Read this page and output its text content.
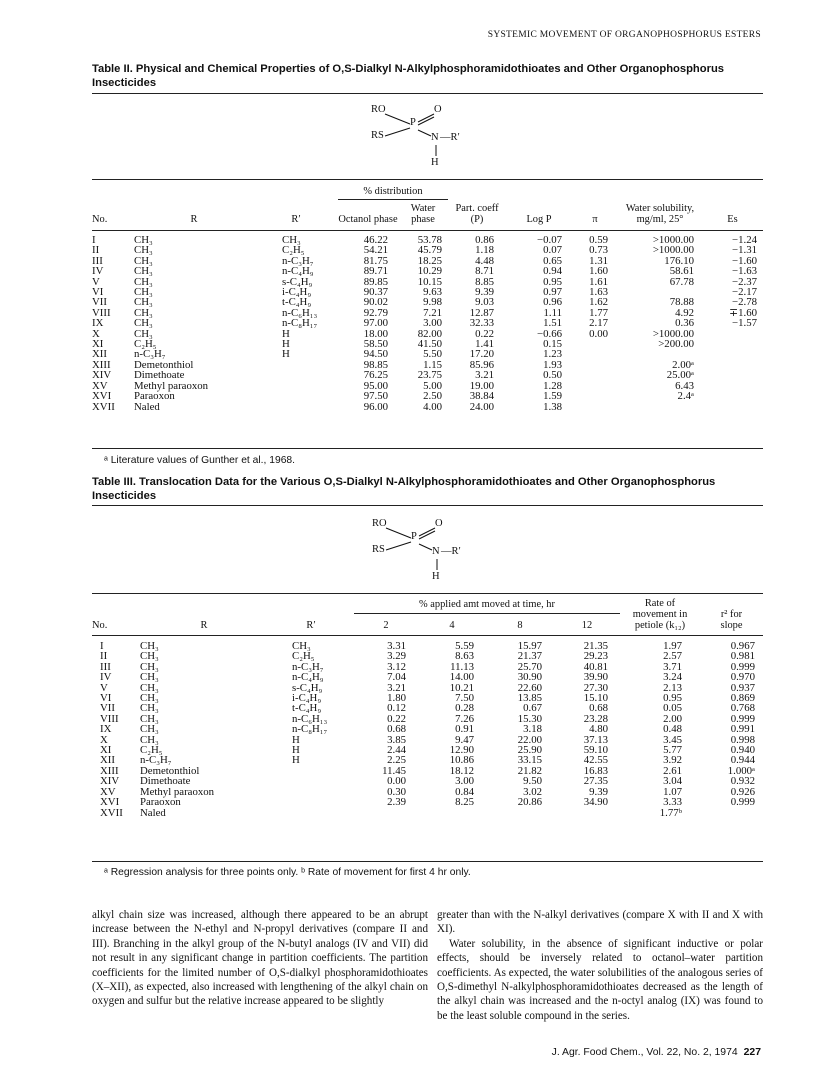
SYSTEMIC MOVEMENT OF ORGANOPHOSPHORUS ESTERS
Table II. Physical and Chemical Properties of O,S-Dialkyl N-Alkylphosphoramidothioates and Other Organophosphorus Insecticides
RO
P
O
RS	N —R′
H
			% distribution						
No.	R	R′	Octanol phase	Water phase	Part. coeff (P)	Log P	π	Water solubility, mg/ml, 25°	Es

I	CH₃	CH₃	46.22	53.78	0.86	−0.07	0.59	>1000.00	−1.24
II	CH₃	C₂H₅	54.21	45.79	1.18	0.07	0.73	>1000.00	−1.31
III	CH₃	n-C₃H₇	81.75	18.25	4.48	0.65	1.31	176.10	−1.60
IV	CH₃	n-C₄H₉	89.71	10.29	8.71	0.94	1.60	58.61	−1.63
V	CH₃	s-C₄H₉	89.85	10.15	8.85	0.95	1.61	67.78	−2.37
VI	CH₃	i-C₄H₉	90.37	9.63	9.39	0.97	1.63		−2.17
VII	CH₃	t-C₄H₉	90.02	9.98	9.03	0.96	1.62	78.88	−2.78
VIII	CH₃	n-C₆H₁₃	92.79	7.21	12.87	1.11	1.77	4.92	∓1.60
IX	CH₃	n-C₈H₁₇	97.00	3.00	32.33	1.51	2.17	0.36	−1.57
X	CH₃	H	18.00	82.00	0.22	−0.66	0.00	>1000.00	
XI	C₂H₅	H	58.50	41.50	1.41	0.15		>200.00	
XII	n-C₃H₇	H	94.50	5.50	17.20	1.23			
XIII	Demetonthiol		98.85	1.15	85.96	1.93		2.00ᵃ	
XIV	Dimethoate		76.25	23.75	3.21	0.50		25.00ᵃ	
XV	Methyl paraoxon		95.00	5.00	19.00	1.28		6.43	
XVI	Paraoxon		97.50	2.50	38.84	1.59		2.4ᵃ	
XVII	Naled		96.00	4.00	24.00	1.38			
ᵃ Literature values of Gunther et al., 1968.
Table III. Translocation Data for the Various O,S-Dialkyl N-Alkylphosphoramidothioates and Other Organophosphorus Insecticides
RO
P
O
RS	N —R′
H
No.	R	R′	% applied amt moved at time, hr				Rate of movement in petiole (k₁₂)	r² for slope
			2	4	8	12		

I	CH₃	CH₃	3.31	5.59	15.97	21.35	1.97	0.967
II	CH₃	C₂H₅	3.29	8.63	21.37	29.23	2.57	0.981
III	CH₃	n-C₃H₇	3.12	11.13	25.70	40.81	3.71	0.999
IV	CH₃	n-C₄H₉	7.04	14.00	30.90	39.90	3.24	0.970
V	CH₃	s-C₄H₉	3.21	10.21	22.60	27.30	2.13	0.937
VI	CH₃	i-C₄H₉	1.80	7.50	13.85	15.10	0.95	0.869
VII	CH₃	t-C₄H₉	0.12	0.28	0.67	0.68	0.05	0.768
VIII	CH₃	n-C₆H₁₃	0.22	7.26	15.30	23.28	2.00	0.999
IX	CH₃	n-C₈H₁₇	0.68	0.91	3.18	4.80	0.48	0.991
X	CH₃	H	3.85	9.47	22.00	37.13	3.45	0.998
XI	C₂H₅	H	2.44	12.90	25.90	59.10	5.77	0.940
XII	n-C₃H₇	H	2.25	10.86	33.15	42.55	3.92	0.944
XIII	Demetonthiol		11.45	18.12	21.82	16.83	2.61	1.000ᵃ
XIV	Dimethoate		0.00	3.00	9.50	27.35	3.04	0.932
XV	Methyl paraoxon		0.30	0.84	3.02	9.39	1.07	0.926
XVI	Paraoxon		2.39	8.25	20.86	34.90	3.33	0.999
XVII	Naled						1.77ᵇ	
ᵃ Regression analysis for three points only. ᵇ Rate of movement for first 4 hr only.

alkyl chain size was increased, although there appeared to be an abrupt increase between the N-ethyl and N-propyl derivatives (compare II and III). Branching in the alkyl group of the N-butyl analogs (IV and VII) did not result in any significant change in partition coefficients. The partition coefficients for the limited number of O,S-dialkyl phosphoramidothioates (X–XII), as expected, also increased with lengthening of the alkyl chain on oxygen and sulfur but the relative increase appeared to be slightly

greater than with the N-alkyl derivatives (compare X with II and X with XI).

Water solubility, in the absence of significant inductive or polar effects, should be inversely related to octanol–water partition coefficients. As expected, the water solubilities of the analogous series of O,S-dimethyl N-alkylphosphoramidothioates decreased as the length of the alkyl chain was increased and the n-octyl analog (IX) was found to be the least soluble compound in the series.

J. Agr. Food Chem., Vol. 22, No. 2, 1974 227
